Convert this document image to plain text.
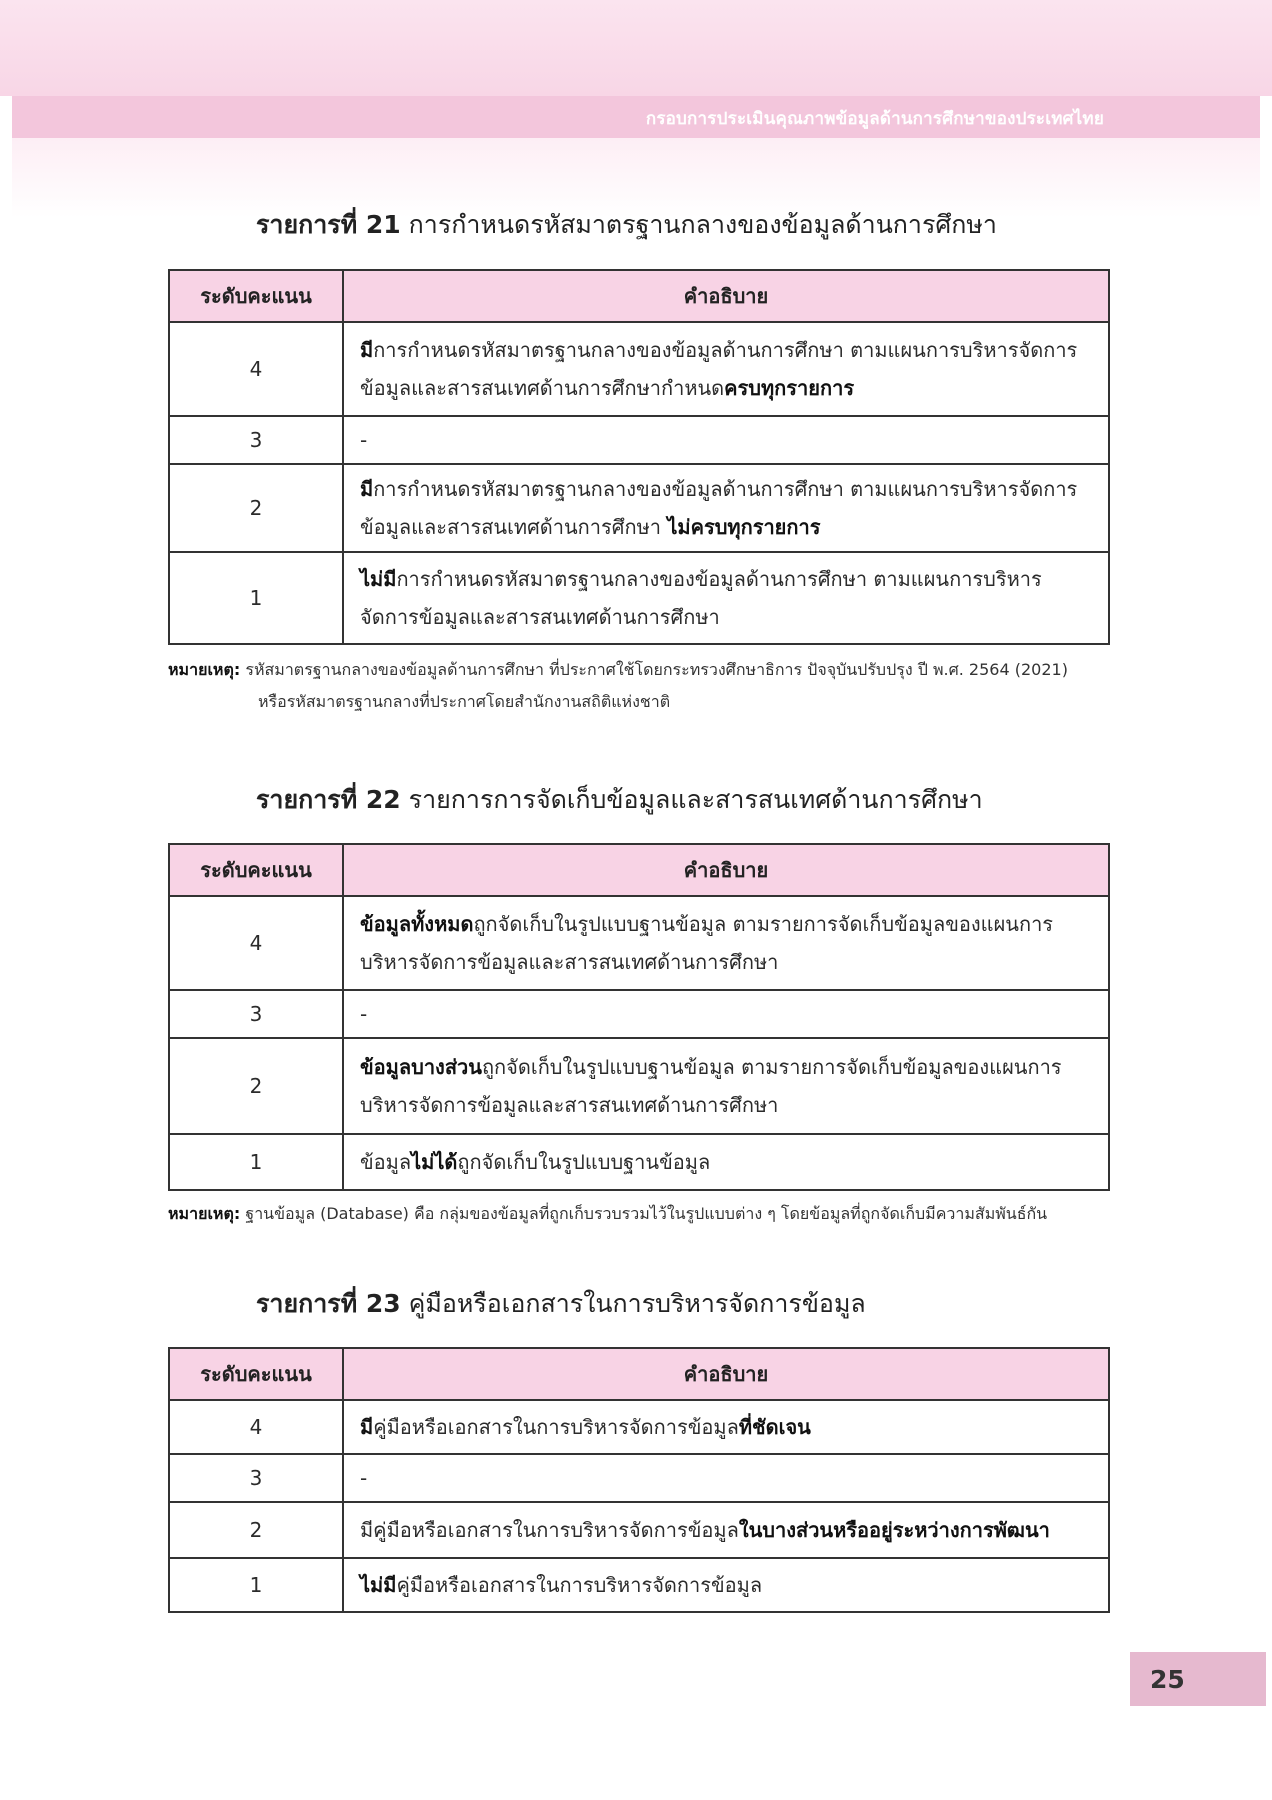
กรอบการประเมินคุณภาพข้อมูลด้านการศึกษาของประเทศไทย
รายการที่ 21 การกำหนดรหัสมาตรฐานกลางของข้อมูลด้านการศึกษา
ระดับคะแนน	คำอธิบาย
4	มีการกำหนดรหัสมาตรฐานกลางของข้อมูลด้านการศึกษา ตามแผนการบริหารจัดการข้อมูลและสารสนเทศด้านการศึกษากำหนดครบทุกรายการ
3	-
2	มีการกำหนดรหัสมาตรฐานกลางของข้อมูลด้านการศึกษา ตามแผนการบริหารจัดการข้อมูลและสารสนเทศด้านการศึกษา ไม่ครบทุกรายการ
1	ไม่มีการกำหนดรหัสมาตรฐานกลางของข้อมูลด้านการศึกษา ตามแผนการบริหารจัดการข้อมูลและสารสนเทศด้านการศึกษา
หมายเหตุ: รหัสมาตรฐานกลางของข้อมูลด้านการศึกษา ที่ประกาศใช้โดยกระทรวงศึกษาธิการ ปัจจุบันปรับปรุง ปี พ.ศ. 2564 (2021)
หรือรหัสมาตรฐานกลางที่ประกาศโดยสำนักงานสถิติแห่งชาติ
รายการที่ 22 รายการการจัดเก็บข้อมูลและสารสนเทศด้านการศึกษา
ระดับคะแนน	คำอธิบาย
4	ข้อมูลทั้งหมดถูกจัดเก็บในรูปแบบฐานข้อมูล ตามรายการจัดเก็บข้อมูลของแผนการบริหารจัดการข้อมูลและสารสนเทศด้านการศึกษา
3	-
2	ข้อมูลบางส่วนถูกจัดเก็บในรูปแบบฐานข้อมูล ตามรายการจัดเก็บข้อมูลของแผนการบริหารจัดการข้อมูลและสารสนเทศด้านการศึกษา
1	ข้อมูลไม่ได้ถูกจัดเก็บในรูปแบบฐานข้อมูล
หมายเหตุ: ฐานข้อมูล (Database) คือ กลุ่มของข้อมูลที่ถูกเก็บรวบรวมไว้ในรูปแบบต่าง ๆ โดยข้อมูลที่ถูกจัดเก็บมีความสัมพันธ์กัน
รายการที่ 23 คู่มือหรือเอกสารในการบริหารจัดการข้อมูล
ระดับคะแนน	คำอธิบาย
4	มีคู่มือหรือเอกสารในการบริหารจัดการข้อมูลที่ชัดเจน
3	-
2	มีคู่มือหรือเอกสารในการบริหารจัดการข้อมูลในบางส่วนหรืออยู่ระหว่างการพัฒนา
1	ไม่มีคู่มือหรือเอกสารในการบริหารจัดการข้อมูล
25
